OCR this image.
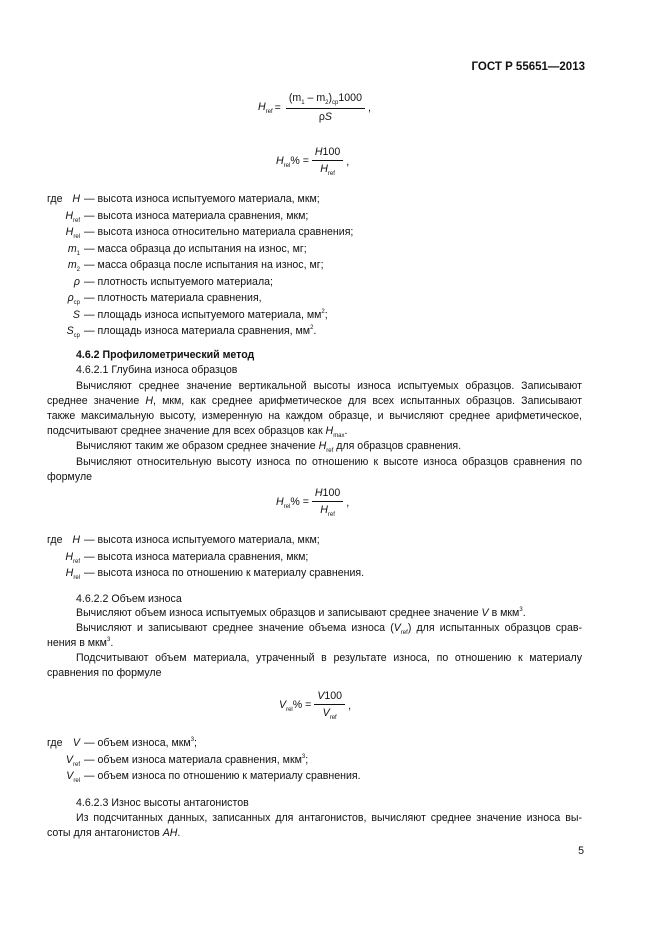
ГОСТ Р 55651—2013
$H_{ref} = \frac{(m_1 - m_2)_{cp}1000}{\rho S}$ ,
$H_{rel}\% = \frac{H100}{H_{ref}}$ ,
где H — высота износа испытуемого материала, мкм;
$H_{ref}$ — высота износа материала сравнения, мкм;
$H_{rel}$ — высота износа относительно материала сравнения;
$m_1$ — масса образца до испытания на износ, мг;
$m_2$ — масса образца после испытания на износ, мг;
ρ — плотность испытуемого материала;
$\rho_{ср}$ — плотность материала сравнения,
S — площадь износа испытуемого материала, $мм^2$;
$S_{ср}$ — площадь износа материала сравнения, $мм^2$.
4.6.2 Профилометрический метод
4.6.2.1 Глубина износа образцов
Вычисляют среднее значение вертикальной высоты износа испытуемых образцов. Записывают
среднее значение H, мкм, как среднее арифметическое для всех испытанных образцов. Записывают
также максимальную высоту, измеренную на каждом образце, и вычисляют среднее арифметическое,
подсчитывают среднее значение для всех образцов как $H_{max}$.
Вычисляют таким же образом среднее значение $H_{ref}$ для образцов сравнения.
Вычисляют относительную высоту износа по отношению к высоте износа образцов сравнения по
формуле
$H_{rel}\% = \frac{H100}{H_{ref}}$ ,
где H — высота износа испытуемого материала, мкм;
$H_{ref}$ — высота износа материала сравнения, мкм;
$H_{rel}$ — высота износа по отношению к материалу сравнения.
4.6.2.2 Объем износа
Вычисляют объем износа испытуемых образцов и записывают среднее значение V в мкм$^3$.
Вычисляют и записывают среднее значение объема износа $(V_{ref})$ для испытанных образцов срав-
нения в мкм$^3$.
Подсчитывают объем материала, утраченный в результате износа, по отношению к материалу
сравнения по формуле
$V_{rel}\% = \frac{V100}{V_{ref}}$ ,
где V — объем износа, мкм$^3$;
$V_{ref}$ — объем износа материала сравнения, мкм$^3$;
$V_{rel}$ — объем износа по отношению к материалу сравнения.
4.6.2.3 Износ высоты антагонистов
Из подсчитанных данных, записанных для антагонистов, вычисляют среднее значение износа вы-
соты для антагонистов AH.
5
